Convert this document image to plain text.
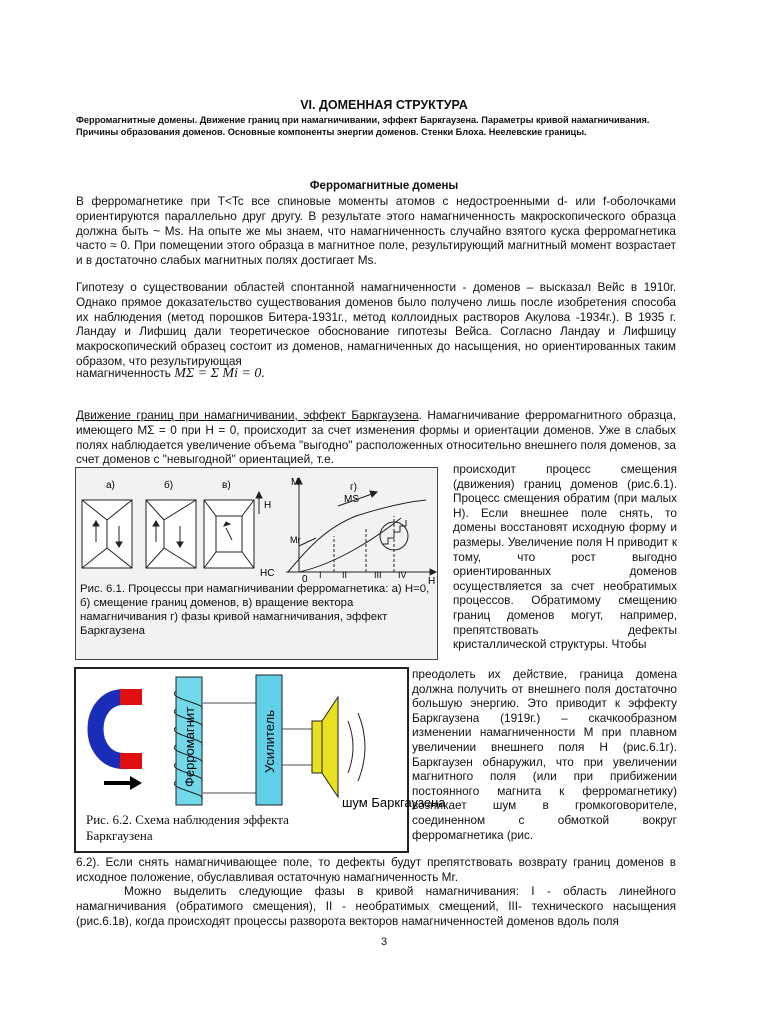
VI. ДОМЕННАЯ СТРУКТУРА
Ферромагнитные домены. Движение границ при намагничивании, эффект Баркгаузена. Параметры кривой намагничивания. Причины образования доменов. Основные компоненты энергии доменов. Стенки Блоха. Неелевские границы.
Ферромагнитные домены
В ферромагнетике при T<Tc все спиновые моменты атомов с недостроенными d- или f-оболочками ориентируются параллельно друг другу. В результате этого намагниченность макроскопического образца должна быть ~ Ms. На опыте же мы знаем, что намагниченность случайно взятого куска ферромагнетика часто ≈ 0. При помещении этого образца в магнитное поле, результирующий магнитный момент возрастает и в достаточно слабых магнитных полях достигает Ms.
Гипотезу о существовании областей спонтанной намагниченности - доменов – высказал Вейс в 1910г. Однако прямое доказательство существования доменов было получено лишь после изобретения способа их наблюдения (метод порошков Битера-1931г., метод коллоидных растворов Акулова -1934г.). В 1935 г. Ландау и Лифшиц дали теоретическое обоснование гипотезы Вейса. Согласно Ландау и Лифшицу макроскопический образец состоит из доменов, намагниченных до насыщения, но ориентированных таким образом, что результирующая
намагниченность MΣ = Σ Mi = 0.
Движение границ при намагничивании, эффект Баркгаузена. Намагничивание ферромагнитного образца, имеющего MΣ = 0 при H = 0, происходит за счет изменения формы и ориентации доменов. Уже в слабых полях наблюдается увеличение объема "выгодно" расположенных относительно внешнего поля доменов, за счет доменов с "невыгодной" ориентацией, т.е.
а)	б)	в)	г)
H
M
H
MS
Mr
HC
0 I II	III IV
Рис. 6.1. Процессы при намагничивании ферромагнетика: а) H=0, б) смещение границ доменов, в) вращение вектора намагничивания г) фазы кривой намагничивания, эффект Баркгаузена
Ферромагнит	Усилитель
шум Баркгаузена
Рис. 6.2. Схема наблюдения эффекта Баркгаузена
происходит процесс смещения (движения) границ доменов (рис.6.1). Процесс смещения обратим (при малых H). Если внешнее поле снять, то домены восстановят исходную форму и размеры. Увеличение поля H приводит к тому, что рост выгодно ориентированных доменов осуществляется за счет необратимых процессов. Обратимому смещению границ доменов могут, например, препятствовать дефекты кристаллической структуры. Чтобы
преодолеть их действие, граница домена должна получить от внешнего поля достаточно большую энергию. Это приводит к эффекту Баркгаузена (1919г.) – скачкообразном изменении намагниченности M при плавном увеличении внешнего поля H (рис.6.1г). Баркгаузен обнаружил, что при увеличении магнитного поля (или при прибижении постоянного магнита к ферромагнетику) возникает шум в громкоговорителе, соединенном с обмоткой вокруг ферромагнетика (рис.
6.2). Если снять намагничивающее поле, то дефекты будут препятствовать возврату границ доменов в исходное положение, обуславливая остаточную намагниченность Mr.
Можно выделить следующие фазы в кривой намагничивания: I - область линейного намагничивания (обратимого смещения), II - необратимых смещений, III- технического насыщения (рис.6.1в), когда происходят процессы разворота векторов намагниченностей доменов вдоль поля
3
